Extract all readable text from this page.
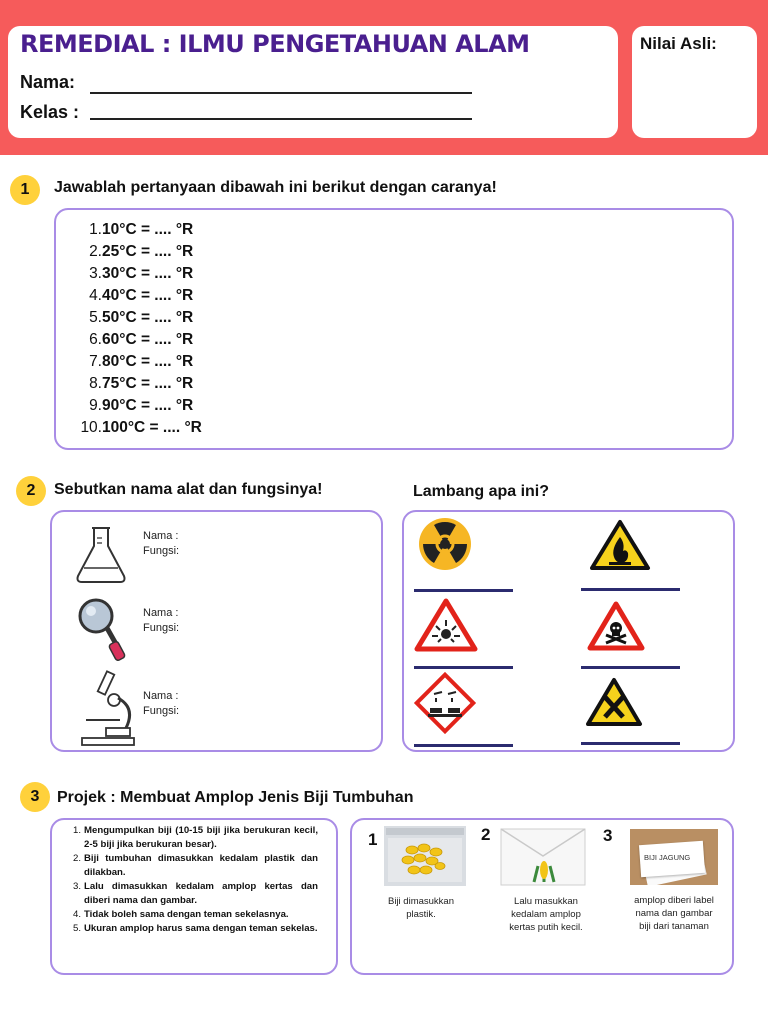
REMEDIAL : ILMU PENGETAHUAN ALAM
Nama:
Kelas :
Nilai Asli:
1	Jawablah pertanyaan dibawah ini berikut dengan caranya!
1.10°C = .... °R
2.25°C = .... °R
3.30°C = .... °R
4.40°C = .... °R
5.50°C = .... °R
6.60°C = .... °R
7.80°C = .... °R
8.75°C = .... °R
9.90°C = .... °R
10.100°C = .... °R
2	Sebutkan nama alat dan fungsinya!	Lambang apa ini?
Nama :
Fungsi:
Nama :
Fungsi:
Nama :
Fungsi:
3	Projek : Membuat Amplop Jenis Biji Tumbuhan
1. Mengumpulkan biji (10-15 biji jika berukuran kecil, 2-5 biji jika berukuran besar).
2. Biji tumbuhan dimasukkan kedalam plastik dan dilakban.
3. Lalu dimasukkan kedalam amplop kertas dan diberi nama dan gambar.
4. Tidak boleh sama dengan teman sekelasnya.
5. Ukuran amplop harus sama dengan teman sekelas.
1
Biji dimasukkan plastik.
2
Lalu masukkan kedalam amplop kertas putih kecil.
3
BIJI JAGUNG
amplop diberi label nama dan gambar biji dari tanaman
